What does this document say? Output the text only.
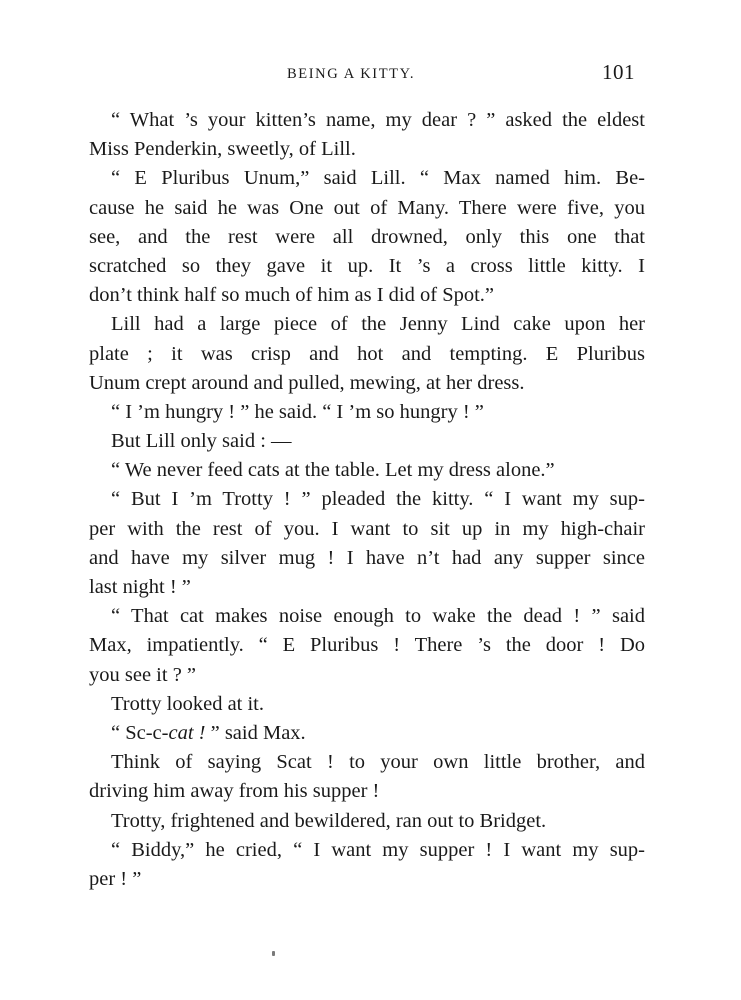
BEING A KITTY.	101
“ What ’s your kitten’s name, my dear ? ” asked the eldest
Miss Penderkin, sweetly, of Lill.
“ E Pluribus Unum,” said Lill. “ Max named him. Be-
cause he said he was One out of Many. There were five, you
see, and the rest were all drowned, only this one that
scratched so they gave it up. It ’s a cross little kitty. I
don’t think half so much of him as I did of Spot.”
Lill had a large piece of the Jenny Lind cake upon her
plate ; it was crisp and hot and tempting. E Pluribus
Unum crept around and pulled, mewing, at her dress.
“ I ’m hungry ! ” he said. “ I ’m so hungry ! ”
But Lill only said : —
“ We never feed cats at the table. Let my dress alone.”
“ But I ’m Trotty ! ” pleaded the kitty. “ I want my sup-
per with the rest of you. I want to sit up in my high-chair
and have my silver mug ! I have n’t had any supper since
last night ! ”
“ That cat makes noise enough to wake the dead ! ” said
Max, impatiently. “ E Pluribus ! There ’s the door ! Do
you see it ? ”
Trotty looked at it.
“ Sc-c-cat ! ” said Max.
Think of saying Scat ! to your own little brother, and
driving him away from his supper !
Trotty, frightened and bewildered, ran out to Bridget.
“ Biddy,” he cried, “ I want my supper ! I want my sup-
per ! ”
